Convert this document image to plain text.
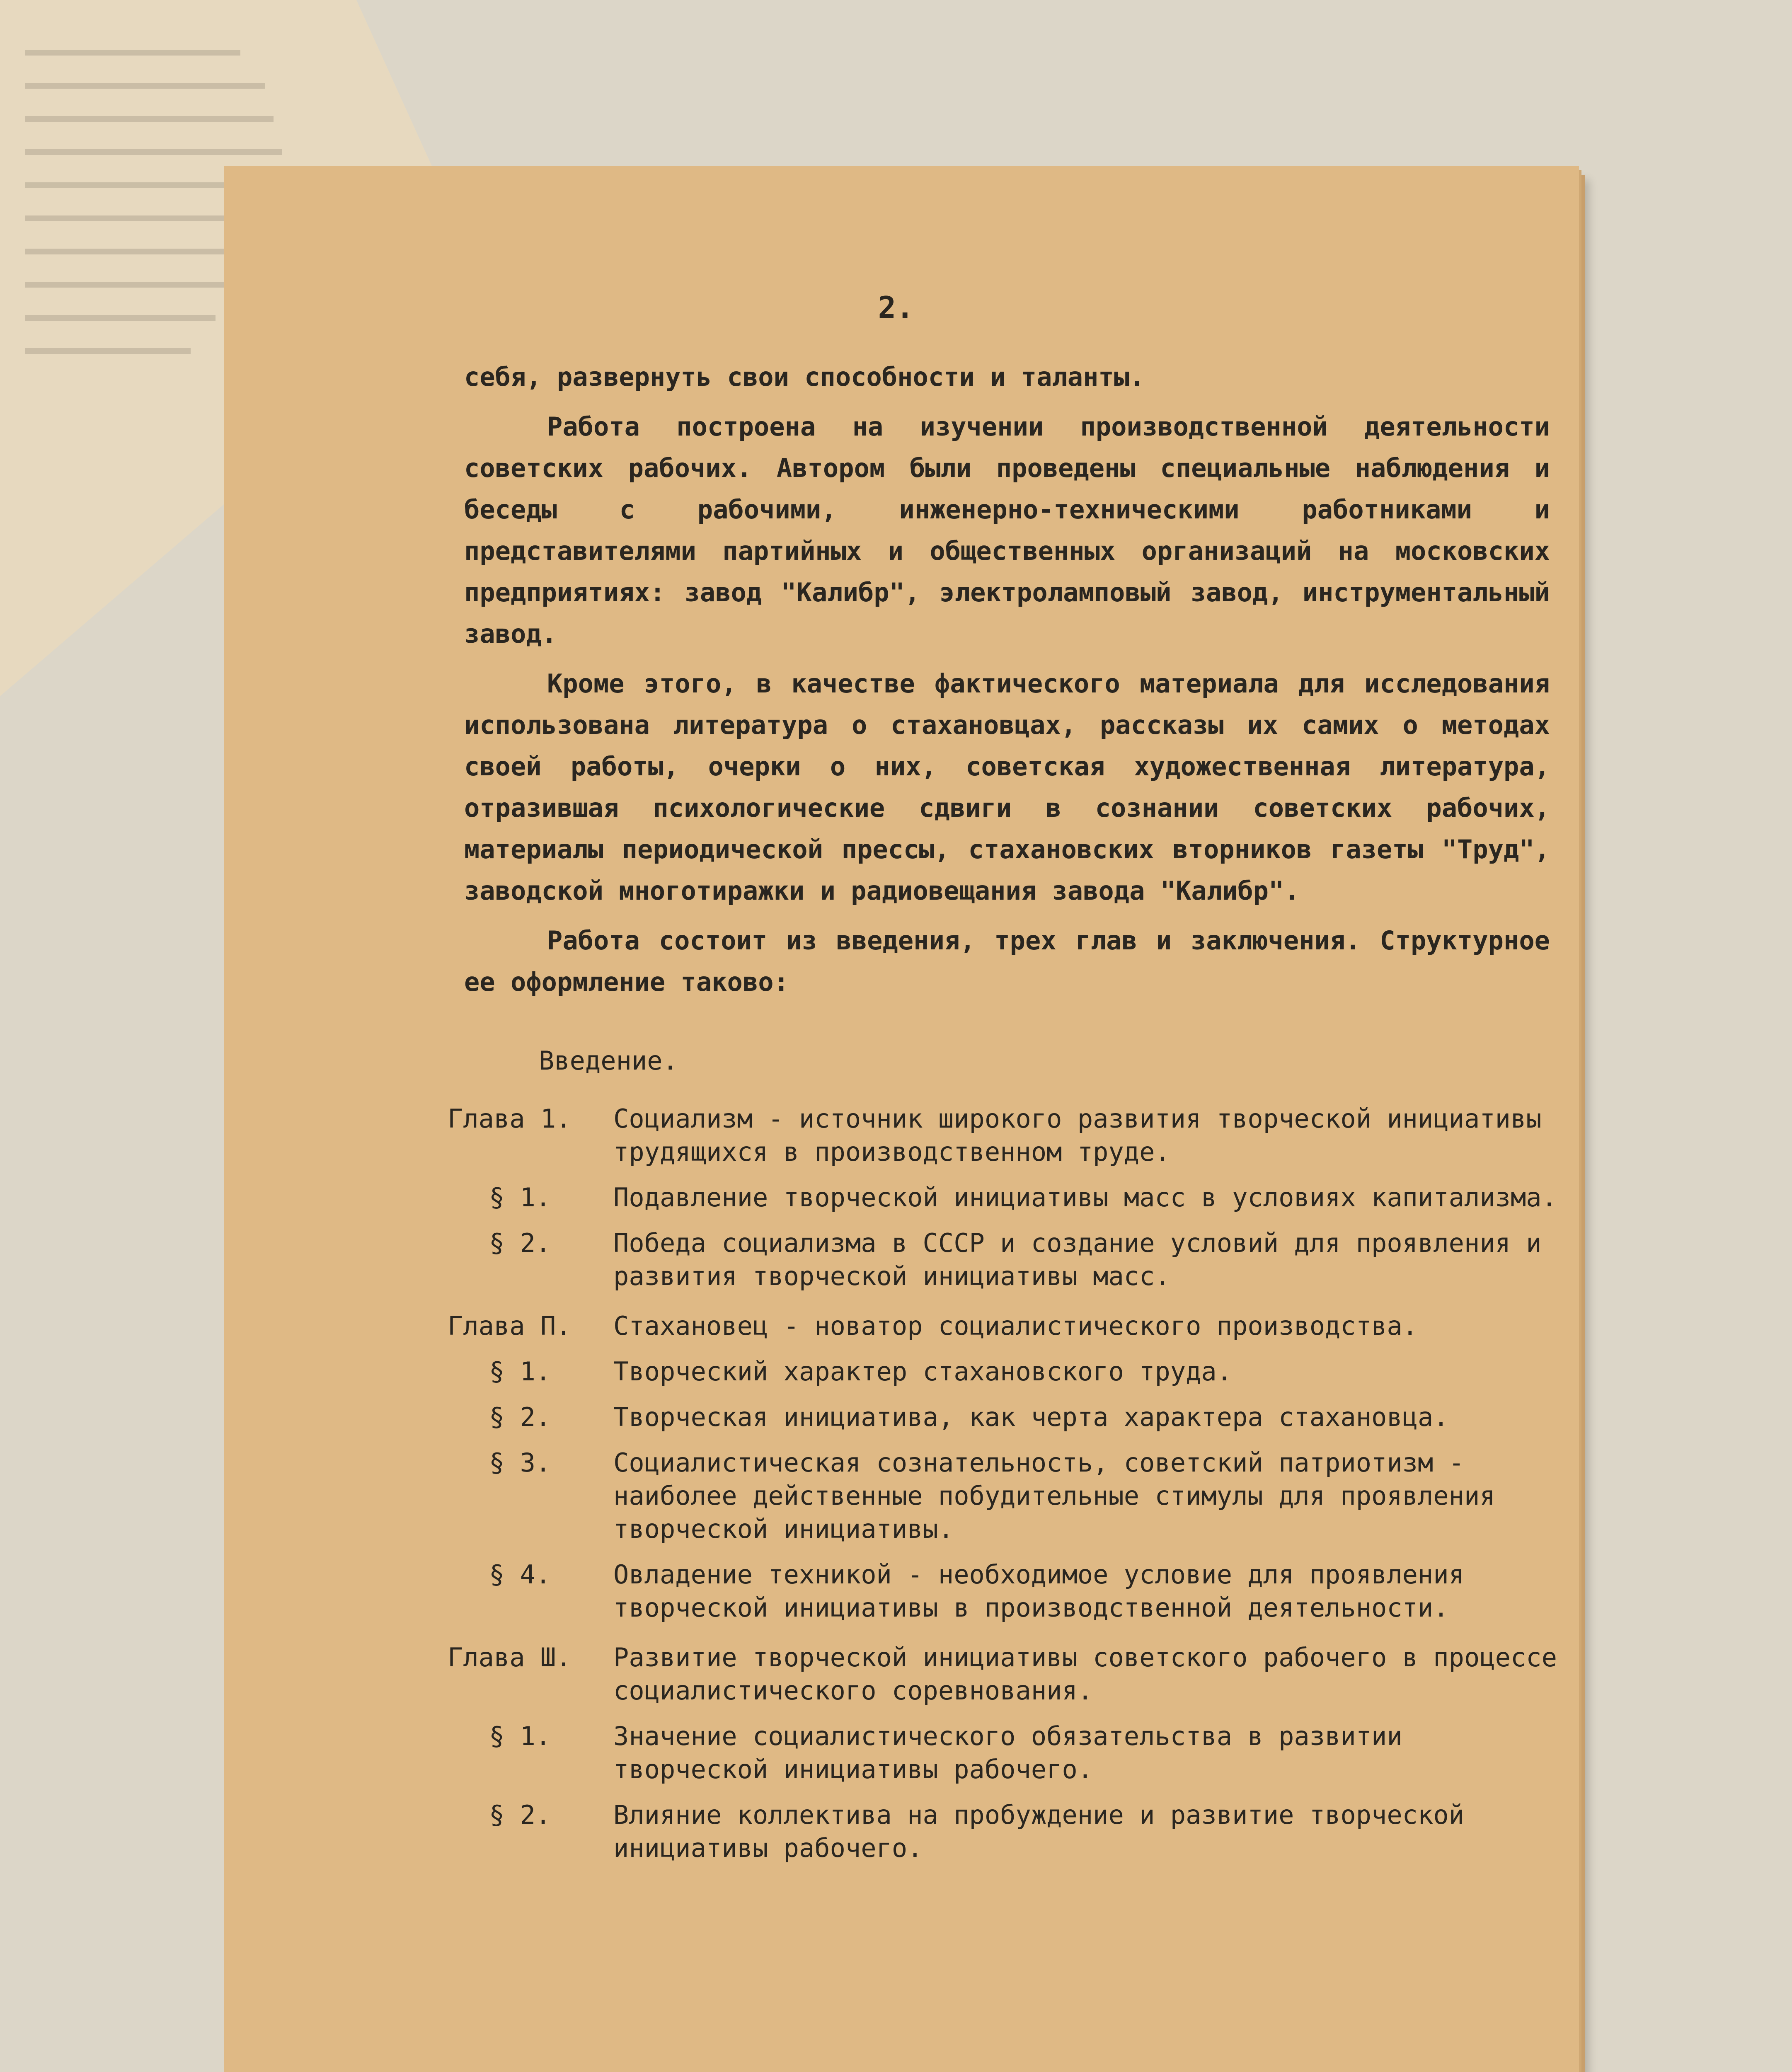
2.

себя, развернуть свои способности и таланты.

Работа построена на изучении производственной деятельности советских рабочих. Автором были проведены специальные наблюдения и беседы с рабочими, инженерно-техническими работниками и представителями партийных и общественных организаций на московских предприятиях: завод "Калибр", электроламповый завод, инструментальный завод.

Кроме этого, в качестве фактического материала для исследования использована литература о стахановцах, рассказы их самих о методах своей работы, очерки о них, советская художественная литература, отразившая психологические сдвиги в сознании советских рабочих, материалы периодической прессы, стахановских вторников газеты "Труд", заводской многотиражки и радиовещания завода "Калибр".

Работа состоит из введения, трех глав и заключения. Структурное ее оформление таково:

Введение.
Глава 1.	Социализм - источник широкого развития творческой инициативы трудящихся в производственном труде.
§ 1.	Подавление творческой инициативы масс в условиях капитализма.
§ 2.	Победа социализма в СССР и создание условий для проявления и развития творческой инициативы масс.
Глава П.	Стахановец - новатор социалистического производства.
§ 1.	Творческий характер стахановского труда.
§ 2.	Творческая инициатива, как черта характера стахановца.
§ 3.	Социалистическая сознательность, советский патриотизм - наиболее действенные побудительные стимулы для проявления творческой инициативы.
§ 4.	Овладение техникой - необходимое условие для проявления творческой инициативы в производственной деятельности.
Глава Ш.	Развитие творческой инициативы советского рабочего в процессе социалистического соревнования.
§ 1.	Значение социалистического обязательства в развитии творческой инициативы рабочего.
§ 2.	Влияние коллектива на пробуждение и развитие творческой инициативы рабочего.
